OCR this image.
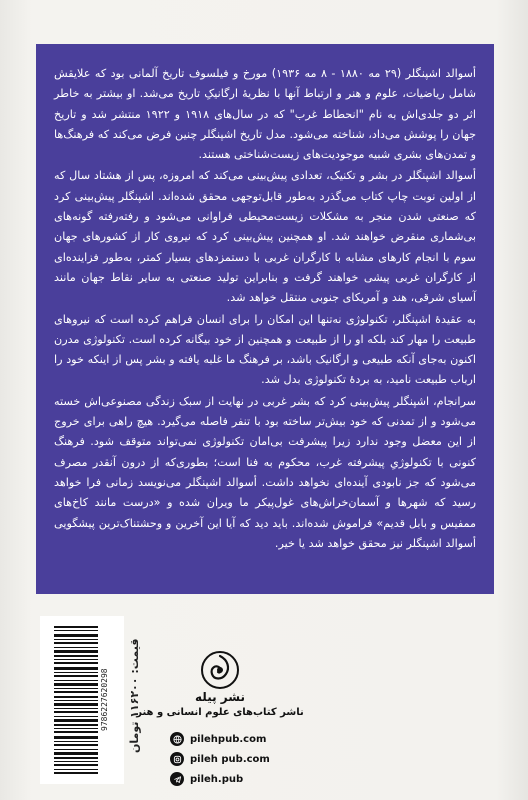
أسوالد اشپنگلر (۲۹ مه ۱۸۸۰ - ۸ مه ۱۹۳۶) مورخ و فیلسوف تاریخ آلمانی بود که علایقش شامل ریاضیات، علوم و هنر و ارتباط آنها با نظریهٔ ارگانیکِ تاریخ می‌شد. او بیشتر به خاطر اثر دو جلدی‌اش به نام "انحطاط غرب" که در سال‌های ۱۹۱۸ و ۱۹۲۲ منتشر شد و تاریخ جهان را پوشش می‌داد، شناخته می‌شود. مدل تاریخ اشپنگلر چنین فرض می‌کند که فرهنگ‌ها و تمدن‌های بشری شبیه موجودیت‌های زیست‌شناختی هستند.

أسوالد اشپنگلر در بشر و تکنیک، تعدادی پیش‌بینی می‌کند که امروزه، پس از هشتاد سال که از اولین نوبت چاپ کتاب می‌گذرد به‌طور قابل‌توجهی محقق شده‌اند. اشپنگلر پیش‌بینی کرد که صنعتی شدن منجر به مشکلات زیست‌محیطی فراوانی می‌شود و رفته‌رفته گونه‌های بی‌شماری منقرض خواهند شد. او همچنین پیش‌بینی کرد که نیروی کار از کشورهای جهان سوم با انجام کارهای مشابه با کارگران غربی با دستمزدهای بسیار کمتر، به‌طور فزاینده‌ای از کارگران غربی پیشی خواهند گرفت و بنابراین تولید صنعتی به سایر نقاط جهان مانند آسیای شرقی، هند و آمریکای جنوبی منتقل خواهد شد.

به عقیدهٔ اشپنگلر، تکنولوژی نه‌تنها این امکان را برای انسان فراهم کرده است که نیروهای طبیعت را مهار کند بلکه او را از طبیعت و همچنین از خود بیگانه کرده است. تکنولوژی مدرن اکنون به‌جای آنکه طبیعی و ارگانیک باشد، بر فرهنگ ما غلبه یافته و بشر پس از اینکه خود را ارباب طبیعت نامید، به بردهٔ تکنولوژی بدل شد.

سرانجام، اشپنگلر پیش‌بینی کرد که بشر غربی در نهایت از سبک زندگی مصنوعی‌اش خسته می‌شود و از تمدنی که خود بیش‌تر ساخته بود با تنفر فاصله می‌گیرد. هیچ راهی برای خروج از این معضل وجود ندارد زیرا پیشرفت بی‌امان تکنولوژی نمی‌تواند متوقف شود. فرهنگ کنونی با تکنولوژیِ پیشرفته غرب، محکوم به فنا است؛ بطوری‌که از درون آنقدر مصرف می‌شود که جز نابودی آینده‌ای نخواهد داشت. أسوالد اشپنگلر می‌نویسد زمانی فرا خواهد رسید که شهرها و آسمان‌خراش‌های غول‌پیکر ما ویران شده و «درست مانند کاخ‌های ممفیس و بابل قدیم» فراموش شده‌اند. باید دید که آیا این آخرین و وحشتناک‌ترین پیشگویی أسوالد اشپنگلر نیز محقق خواهد شد یا خیر.

9786227620298
قیمت: ۱۱۶۲۰۰ تومان	نشر پیله
ناشر کتاب‌های علوم انسانی و هنر
pilehpub.com
pileh pub.com
pileh.pub
